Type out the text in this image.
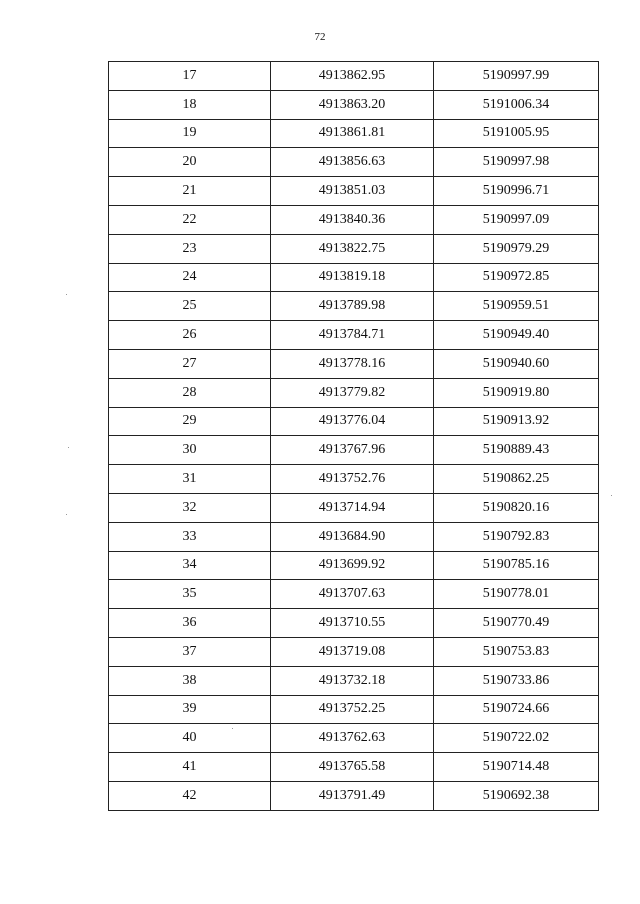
72
17	4913862.95	5190997.99
18	4913863.20	5191006.34
19	4913861.81	5191005.95
20	4913856.63	5190997.98
21	4913851.03	5190996.71
22	4913840.36	5190997.09
23	4913822.75	5190979.29
24	4913819.18	5190972.85
25	4913789.98	5190959.51
26	4913784.71	5190949.40
27	4913778.16	5190940.60
28	4913779.82	5190919.80
29	4913776.04	5190913.92
30	4913767.96	5190889.43
31	4913752.76	5190862.25
32	4913714.94	5190820.16
33	4913684.90	5190792.83
34	4913699.92	5190785.16
35	4913707.63	5190778.01
36	4913710.55	5190770.49
37	4913719.08	5190753.83
38	4913732.18	5190733.86
39	4913752.25	5190724.66
40	4913762.63	5190722.02
41	4913765.58	5190714.48
42	4913791.49	5190692.38
